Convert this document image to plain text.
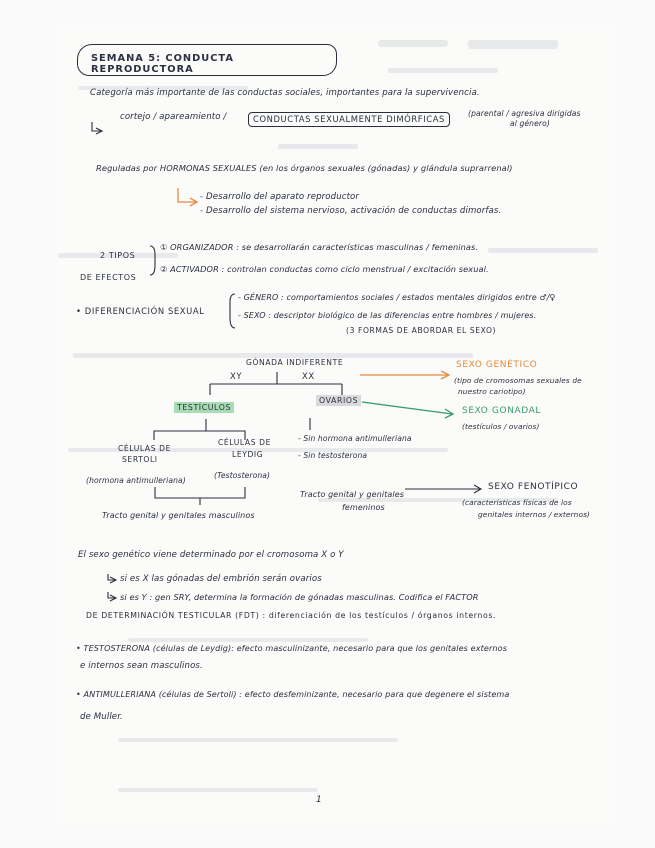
SEMANA 5: CONDUCTA REPRODUCTORA
Categoría más importante de las conductas sociales, importantes para la supervivencia.
cortejo / apareamiento /	CONDUCTAS SEXUALMENTE DIMÓRFICAS
(parental / agresiva dirigidas
al género)
Reguladas por HORMONAS SEXUALES (en los órganos sexuales (gónadas) y glándula suprarrenal)
- Desarrollo del aparato reproductor
- Desarrollo del sistema nervioso, activación de conductas dimorfas.
2 TIPOS
DE EFECTOS
① ORGANIZADOR : se desarrollarán características masculinas / femeninas.
② ACTIVADOR : controlan conductas como ciclo menstrual / excitación sexual.
• DIFERENCIACIÓN SEXUAL
- GÉNERO : comportamientos sociales / estados mentales dirigidos entre ♂/♀
- SEXO : descriptor biológico de las diferencias entre hombres / mujeres.
(3 FORMAS DE ABORDAR EL SEXO)
GÓNADA INDIFERENTE
XY	XX
TESTÍCULOS
OVARIOS
CÉLULAS DE
SERTOLI
(hormona antimulleriana)
CÉLULAS DE
LEYDIG
(Testosterona)
- Sin hormona antimulleriana
- Sin testosterona
Tracto genital y genitales
femeninos
Tracto genital y genitales masculinos
SEXO GENÉTICO
(tipo de cromosomas sexuales de
nuestro cariotipo)
SEXO GONADAL
(testículos / ovarios)
SEXO FENOTÍPICO
(características físicas de los
genitales internos / externos)
El sexo genético viene determinado por el cromosoma X o Y
si es X las gónadas del embrión serán ovarios
si es Y : gen SRY, determina la formación de gónadas masculinas. Codifica el FACTOR
DE DETERMINACIÓN TESTICULAR (FDT) : diferenciación de los testículos / órganos internos.
• TESTOSTERONA (células de Leydig): efecto masculinizante, necesario para que los genitales externos
e internos sean masculinos.
• ANTIMULLERIANA (células de Sertoli) : efecto desfeminizante, necesario para que degenere el sistema
de Muller.
1
